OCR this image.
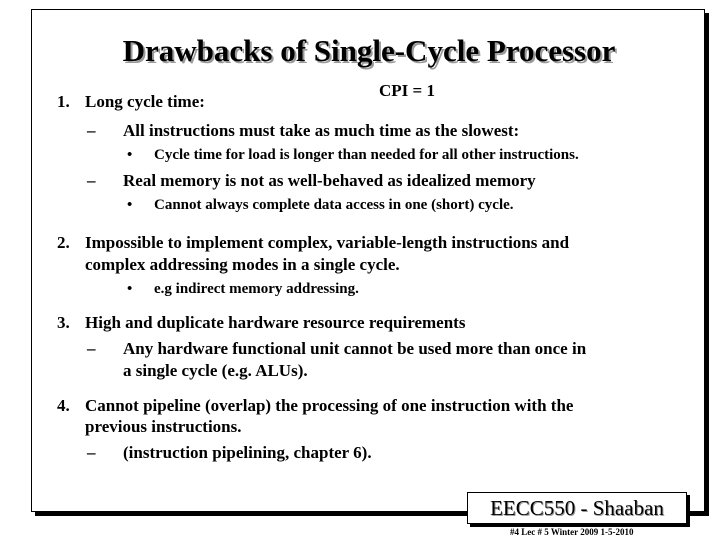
Drawbacks of Single-Cycle Processor
CPI = 1
1. Long cycle time:
– All instructions must take as much time as the slowest:
• Cycle time for load is longer than needed for all other instructions.
– Real memory is not as well-behaved as idealized memory
• Cannot always complete data access in one (short) cycle.
2. Impossible to implement complex, variable-length instructions and
complex addressing modes in a single cycle.
• e.g indirect memory addressing.
3. High and duplicate hardware resource requirements
– Any hardware functional unit cannot be used more than once in
a single cycle (e.g. ALUs).
4. Cannot pipeline (overlap) the processing of one instruction with the
previous instructions.
– (instruction pipelining, chapter 6).
EECC550 - Shaaban
#4 Lec # 5 Winter 2009 1-5-2010
